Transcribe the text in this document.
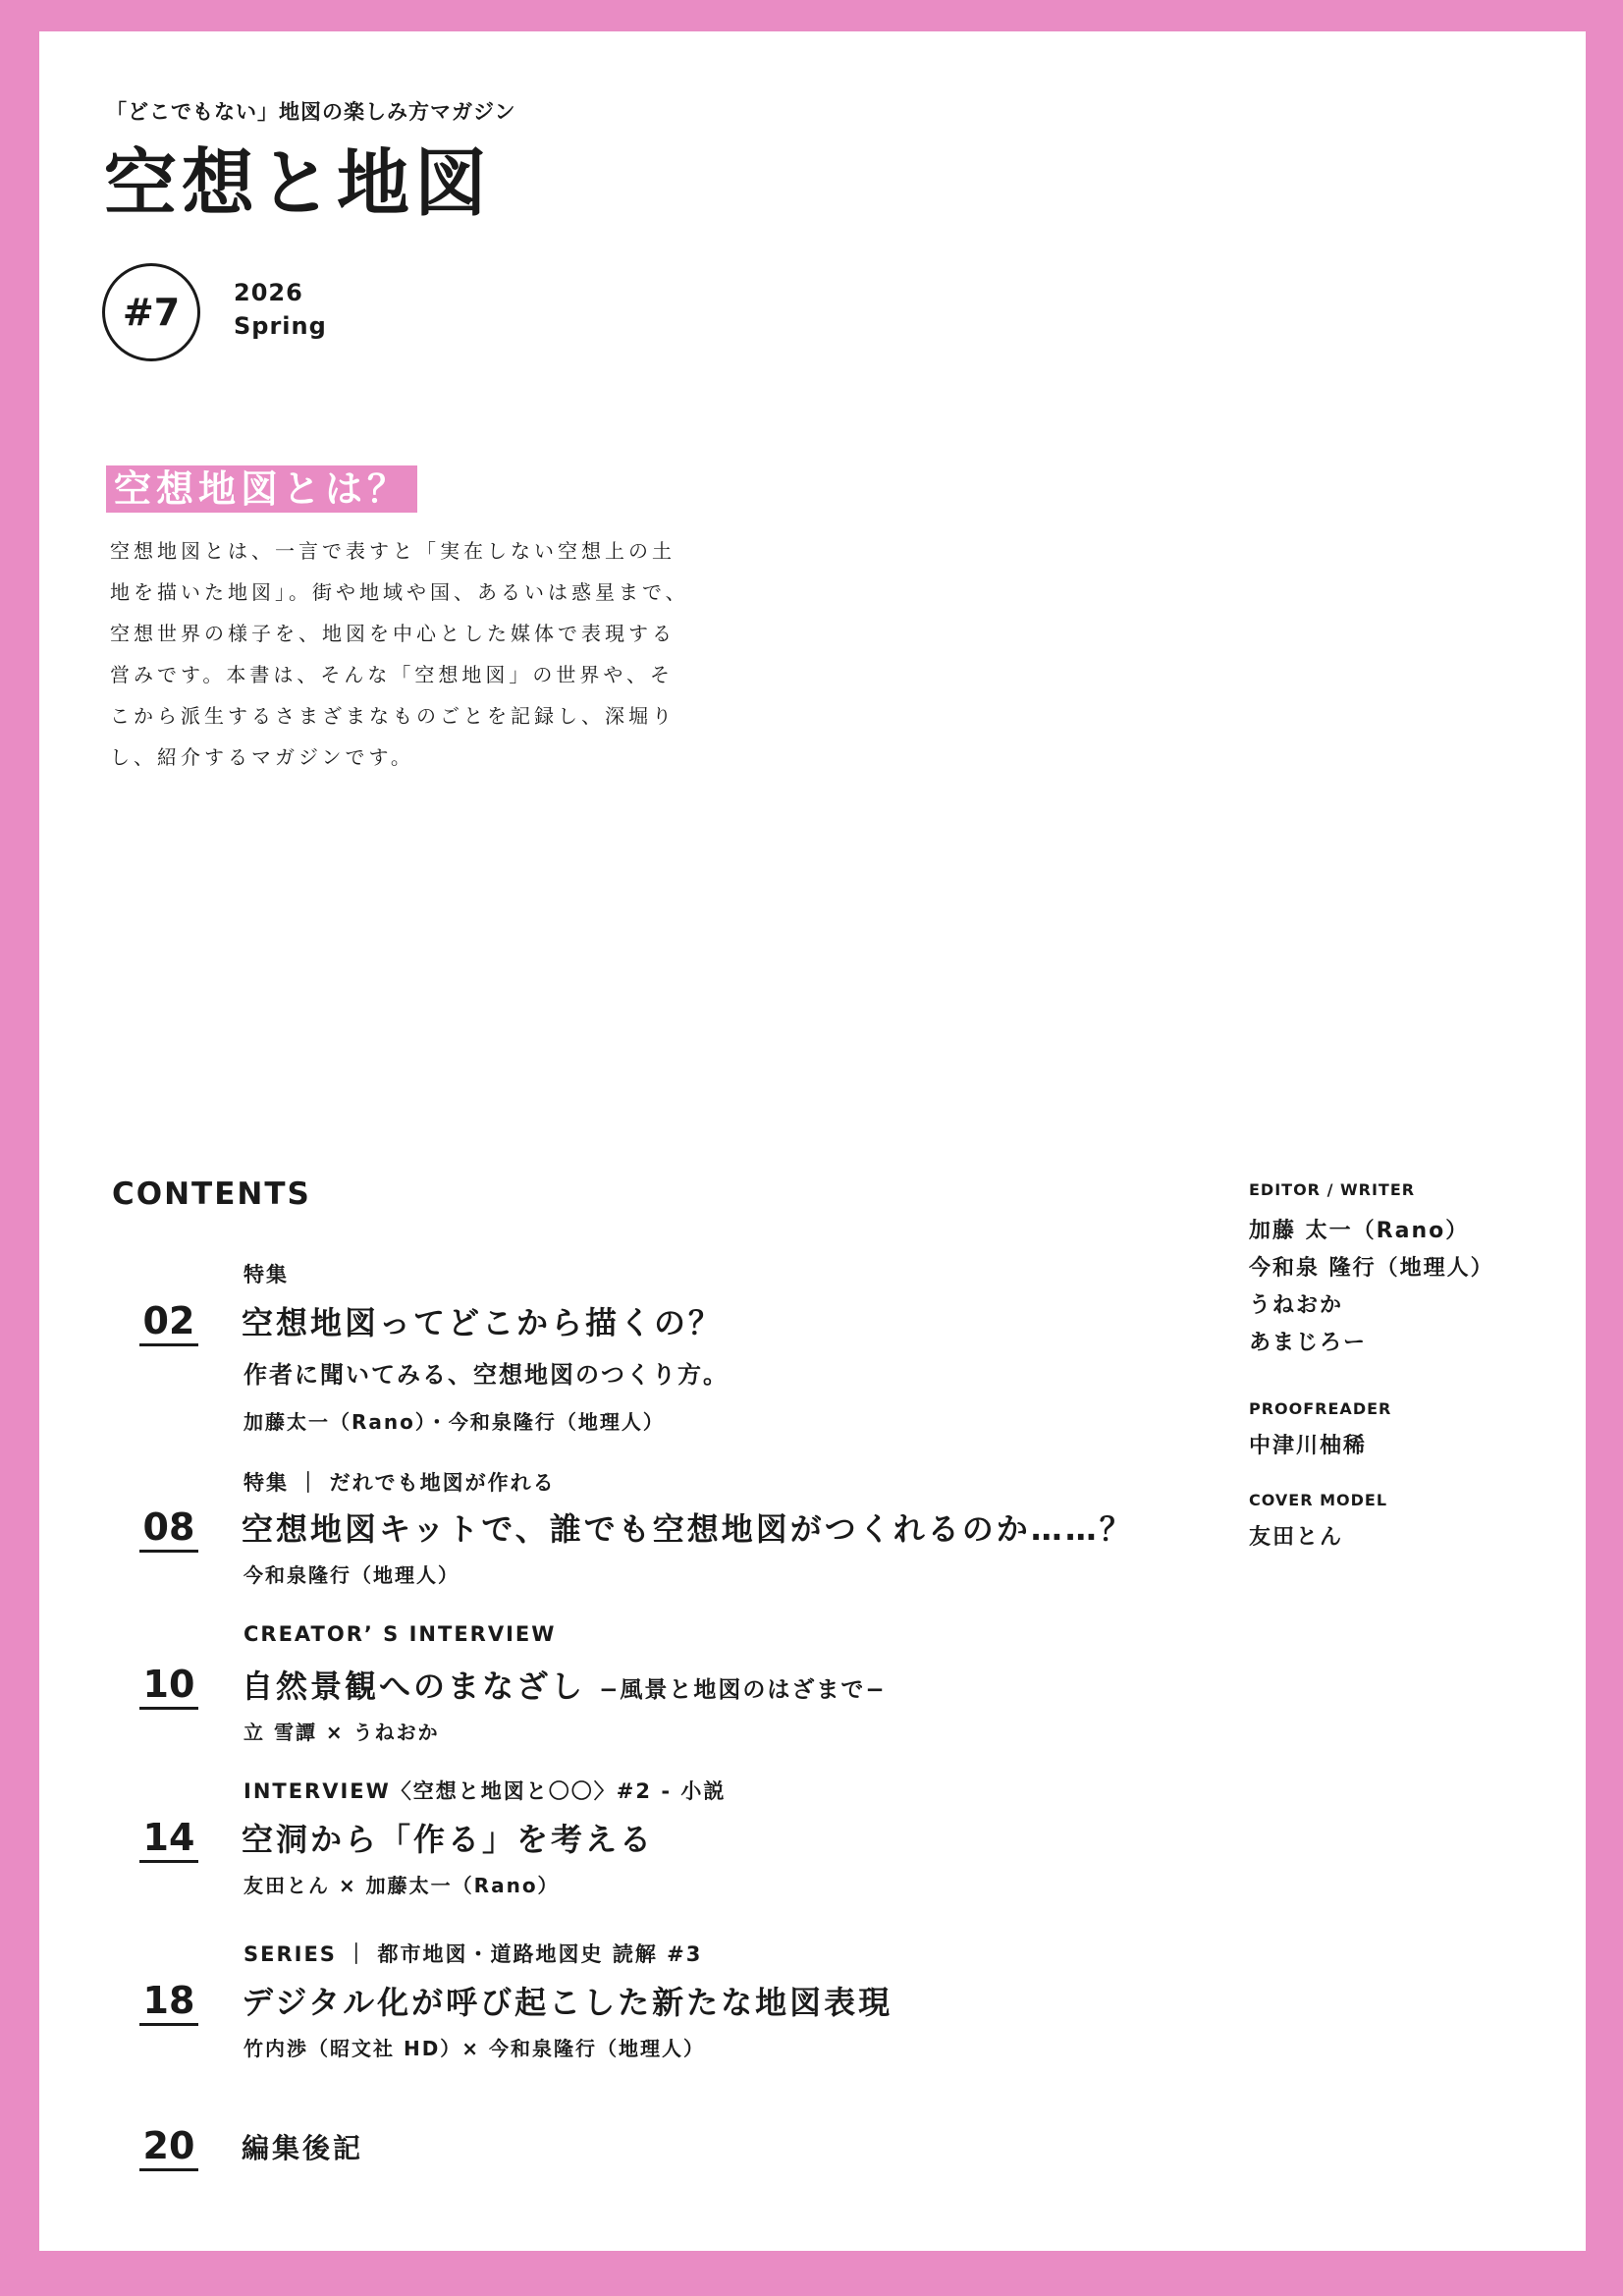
「どこでもない」地図の楽しみ方マガジン
空想と地図
#7 2026
Spring
空想地図とは？
空想地図とは、一言で表すと「実在しない空想上の土
地を描いた地図」。街や地域や国、あるいは惑星まで、
空想世界の様子を、地図を中心とした媒体で表現する
営みです。本書は、そんな「空想地図」の世界や、そ
こから派生するさまざまなものごとを記録し、深堀り
し、紹介するマガジンです。
CONTENTS	EDITOR / WRITER
加藤 太一（Rano）
今和泉 隆行（地理人）
うねおか
あまじろー
PROOFREADER
中津川柚稀
COVER MODEL
友田とん
特集
02 空想地図ってどこから描くの？
作者に聞いてみる、空想地図のつくり方。
加藤太一（Rano）・今和泉隆行（地理人）
特集 ｜ だれでも地図が作れる
08 空想地図キットで、誰でも空想地図がつくれるのか……？
今和泉隆行（地理人）
CREATOR’ S INTERVIEW
10 自然景観へのまなざし −風景と地図のはざまで−
立 雪譚 × うねおか
INTERVIEW〈空想と地図と〇〇〉#2 - 小説
14 空洞から「作る」を考える
友田とん × 加藤太一（Rano）
SERIES ｜ 都市地図・道路地図史 読解 #3
18 デジタル化が呼び起こした新たな地図表現
竹内渉（昭文社 HD）× 今和泉隆行（地理人）
20 編集後記
